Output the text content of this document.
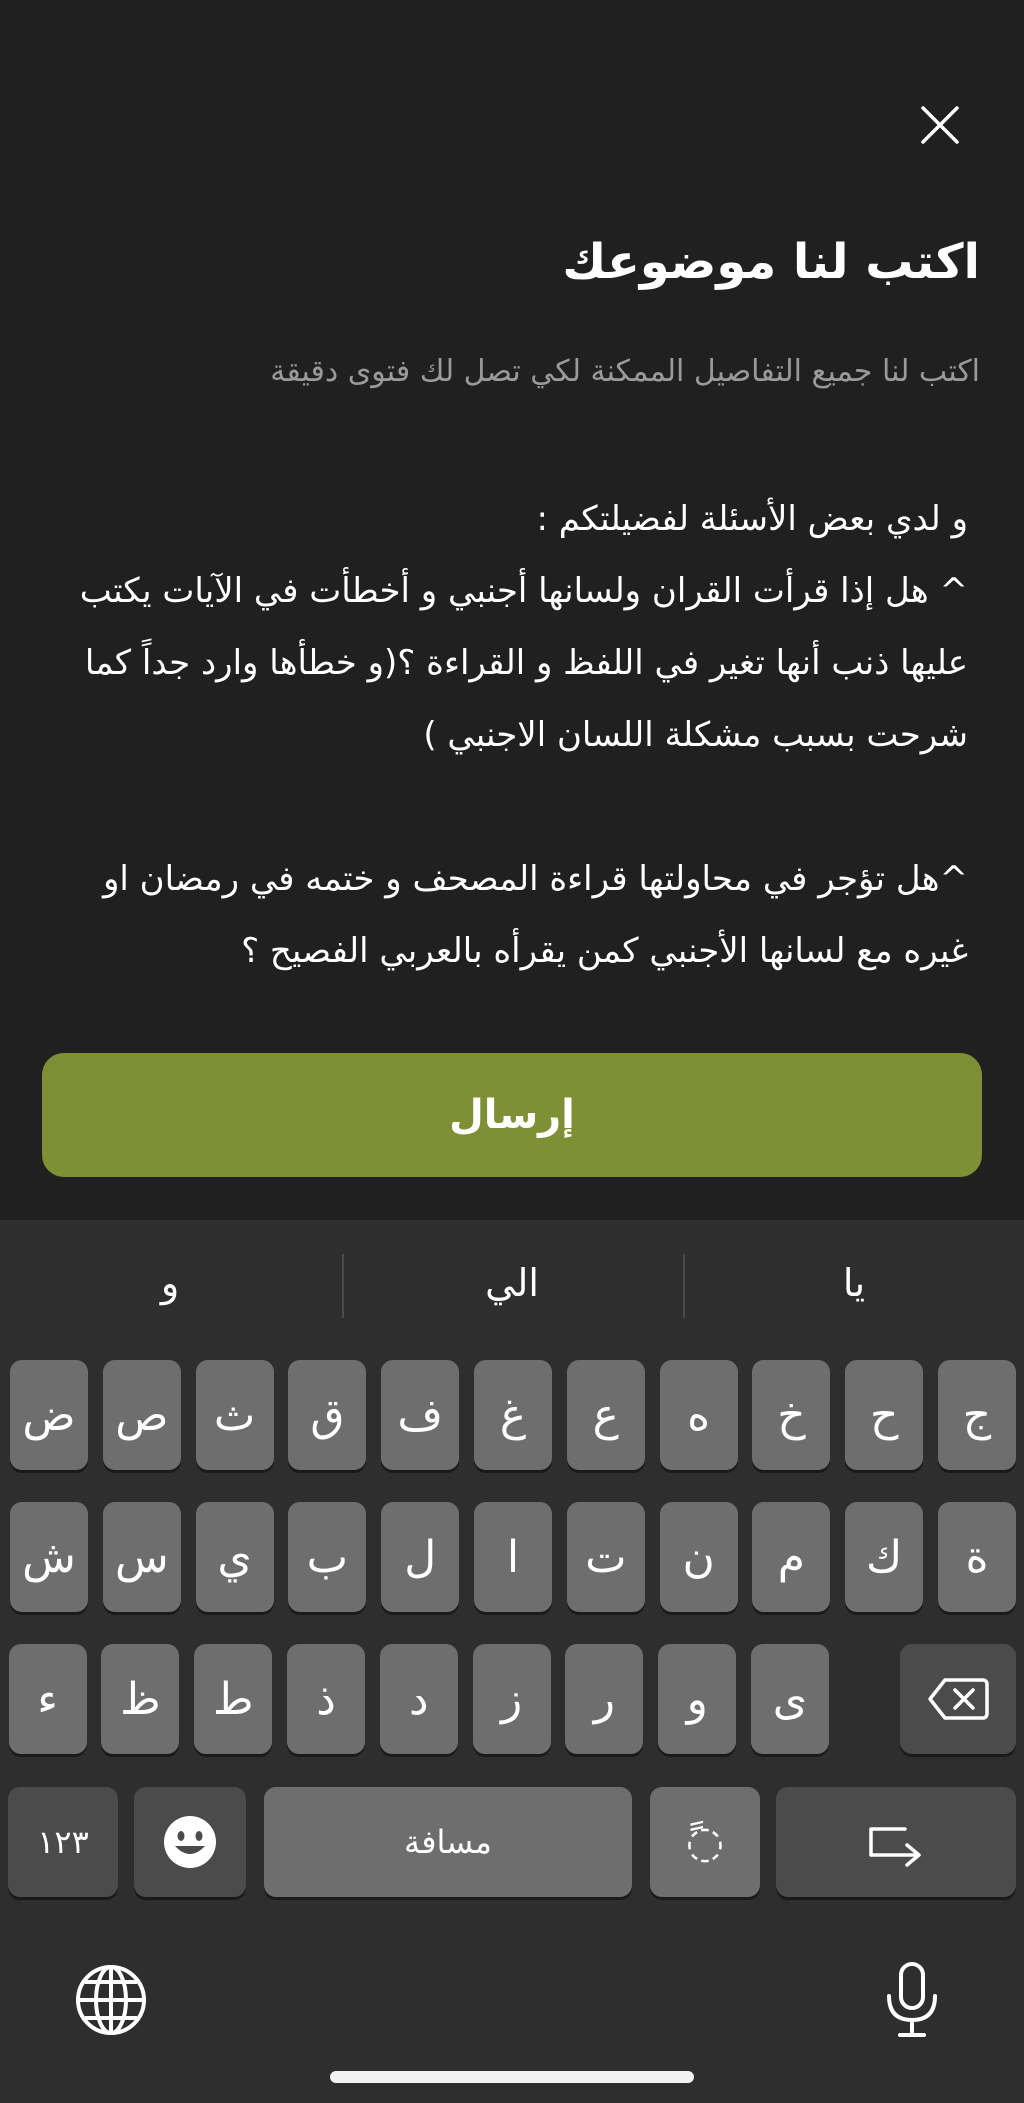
اكتب لنا موضوعك
اكتب لنا جميع التفاصيل الممكنة لكي تصل لك فتوى دقيقة
و لدي بعض الأسئلة لفضيلتكم :
^ هل إذا قرأت القران ولسانها أجنبي و أخطأت في الآيات يكتب عليها ذنب أنها تغير في اللفظ و القراءة ؟(و خطأها وارد جداً كما شرحت بسبب مشكلة اللسان الاجنبي )

^هل تؤجر في محاولتها قراءة المصحف و ختمه في رمضان او غيره مع لسانها الأجنبي كمن يقرأه بالعربي الفصيح ؟
إرسال
يا
الي
و
١٢٣	مسافة	◌ً
ج
ح
خ
ه
ع
غ
ف
ق
ث
ص
ض
ة
ك
م
ن
ت
ا
ل
ب
ي
س
ش
ى
و
ر
ز
د
ذ
ط
ظ
ء
